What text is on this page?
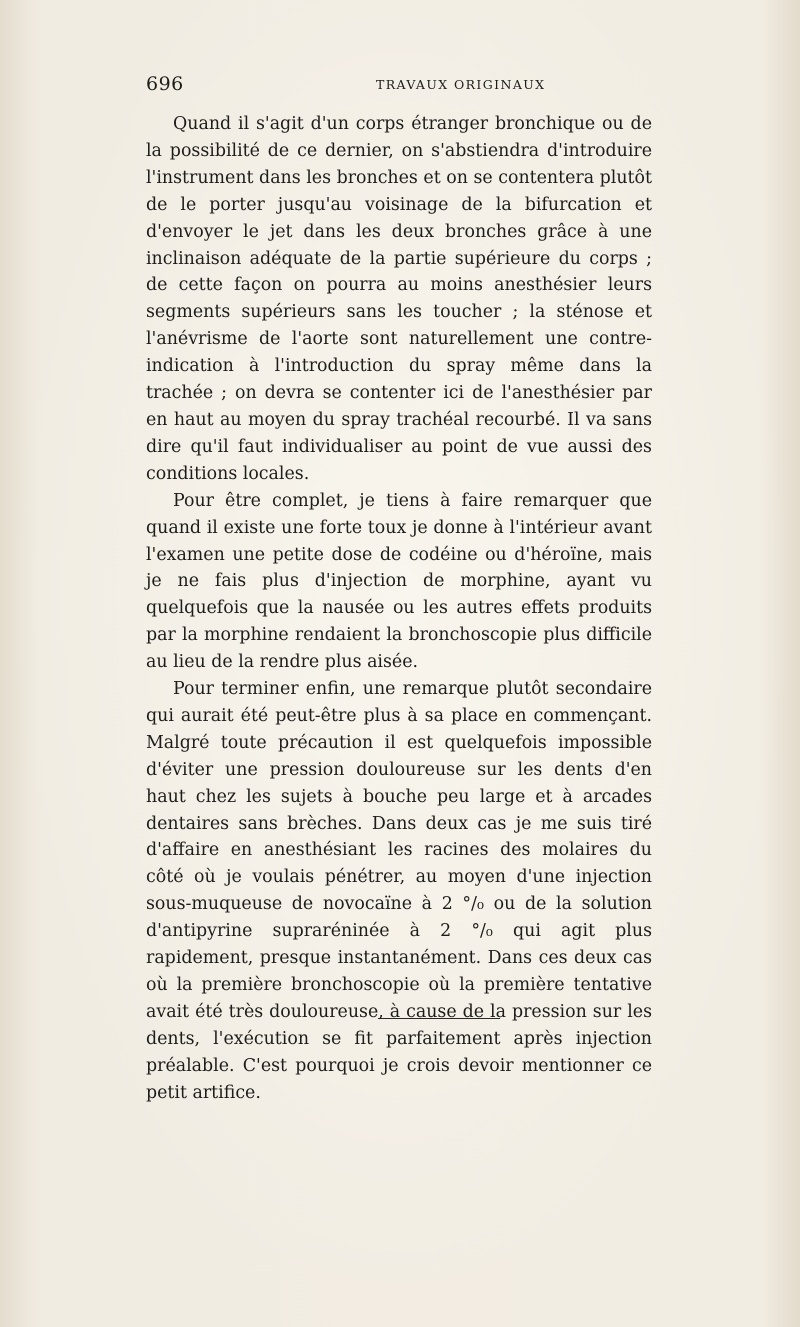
696	TRAVAUX ORIGINAUX

Quand il s'agit d'un corps étranger bronchique ou de la possibilité de ce dernier, on s'abstiendra d'introduire l'instrument dans les bronches et on se contentera plutôt de le porter jusqu'au voisinage de la bifurcation et d'envoyer le jet dans les deux bronches grâce à une inclinaison adéquate de la partie supérieure du corps ; de cette façon on pourra au moins anesthésier leurs segments supérieurs sans les toucher ; la sténose et l'anévrisme de l'aorte sont naturellement une contre-indication à l'introduction du spray même dans la trachée ; on devra se contenter ici de l'anesthésier par en haut au moyen du spray trachéal recourbé. Il va sans dire qu'il faut individualiser au point de vue aussi des conditions locales.

Pour être complet, je tiens à faire remarquer que quand il existe une forte toux je donne à l'intérieur avant l'examen une petite dose de codéine ou d'héroïne, mais je ne fais plus d'injection de morphine, ayant vu quelquefois que la nausée ou les autres effets produits par la morphine rendaient la bronchoscopie plus difficile au lieu de la rendre plus aisée.

Pour terminer enfin, une remarque plutôt secondaire qui aurait été peut-être plus à sa place en commençant. Malgré toute précaution il est quelquefois impossible d'éviter une pression douloureuse sur les dents d'en haut chez les sujets à bouche peu large et à arcades dentaires sans brèches. Dans deux cas je me suis tiré d'affaire en anesthésiant les racines des molaires du côté où je voulais pénétrer, au moyen d'une injection sous-muqueuse de novocaïne à 2 °/₀ ou de la solution d'antipyrine supraréninée à 2 °/₀ qui agit plus rapidement, presque instantanément. Dans ces deux cas où la première bronchoscopie où la première tentative avait été très douloureuse, à cause de la pression sur les dents, l'exécution se fit parfaitement après injection préalable. C'est pourquoi je crois devoir mentionner ce petit artifice.
